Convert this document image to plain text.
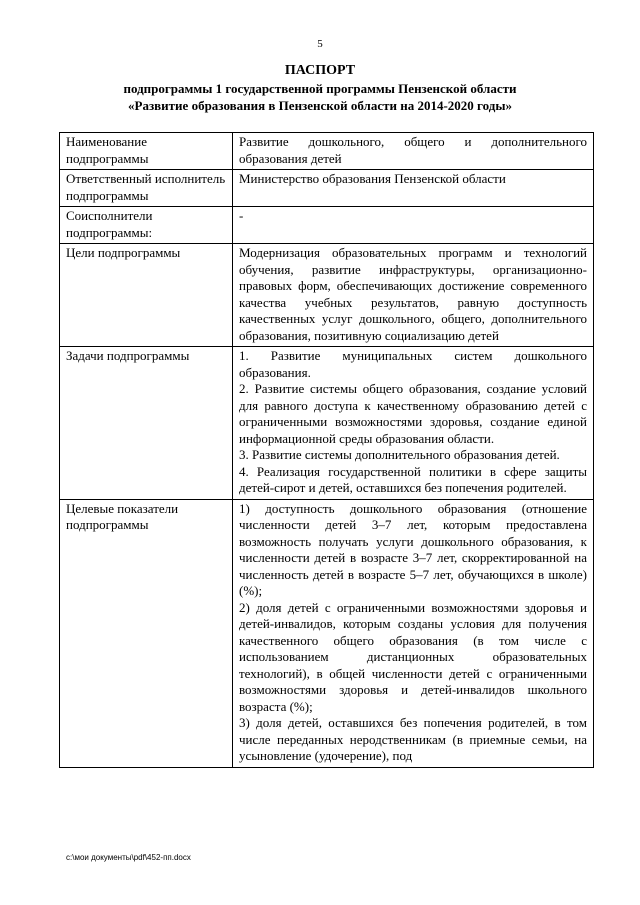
5
ПАСПОРТ
подпрограммы 1 государственной программы Пензенской области
«Развитие образования в Пензенской области на 2014-2020 годы»
Наименование подпрограммы	Развитие дошкольного, общего и дополнительного образования детей

Ответственный исполнитель подпрограммы	Министерство образования Пензенской области

Соисполнители подпрограммы:	-

Цели подпрограммы	Модернизация образовательных программ и технологий обучения, развитие инфраструктуры, организационно-правовых форм, обеспечивающих достижение современного качества учебных результатов, равную доступность качественных услуг дошкольного, общего, дополнительного образования, позитивную социализацию детей

Задачи подпрограммы	1. Развитие муниципальных систем дошкольного образования.

2. Развитие системы общего образования, создание условий для равного доступа к качественному образованию детей с ограниченными возможностями здоровья, создание единой информационной среды образования области.

3. Развитие системы дополнительного образования детей.

4. Реализация государственной политики в сфере защиты детей-сирот и детей, оставшихся без попечения родителей.

Целевые показатели подпрограммы	1) доступность дошкольного образования (отношение численности детей 3–7 лет, которым предоставлена возможность получать услуги дошкольного образования, к численности детей в возрасте 3–7 лет, скорректированной на численность детей в возрасте 5–7 лет, обучающихся в школе) (%);

2) доля детей с ограниченными возможностями здоровья и детей-инвалидов, которым созданы условия для получения качественного общего образования (в том числе с использованием дистанционных образовательных технологий), в общей численности детей с ограниченными возможностями здоровья и детей-инвалидов школьного возраста (%);

3) доля детей, оставшихся без попечения родителей, в том числе переданных неродственникам (в приемные семьи, на усыновление (удочерение), под

c:\мои документы\pdf\452-пп.docx
